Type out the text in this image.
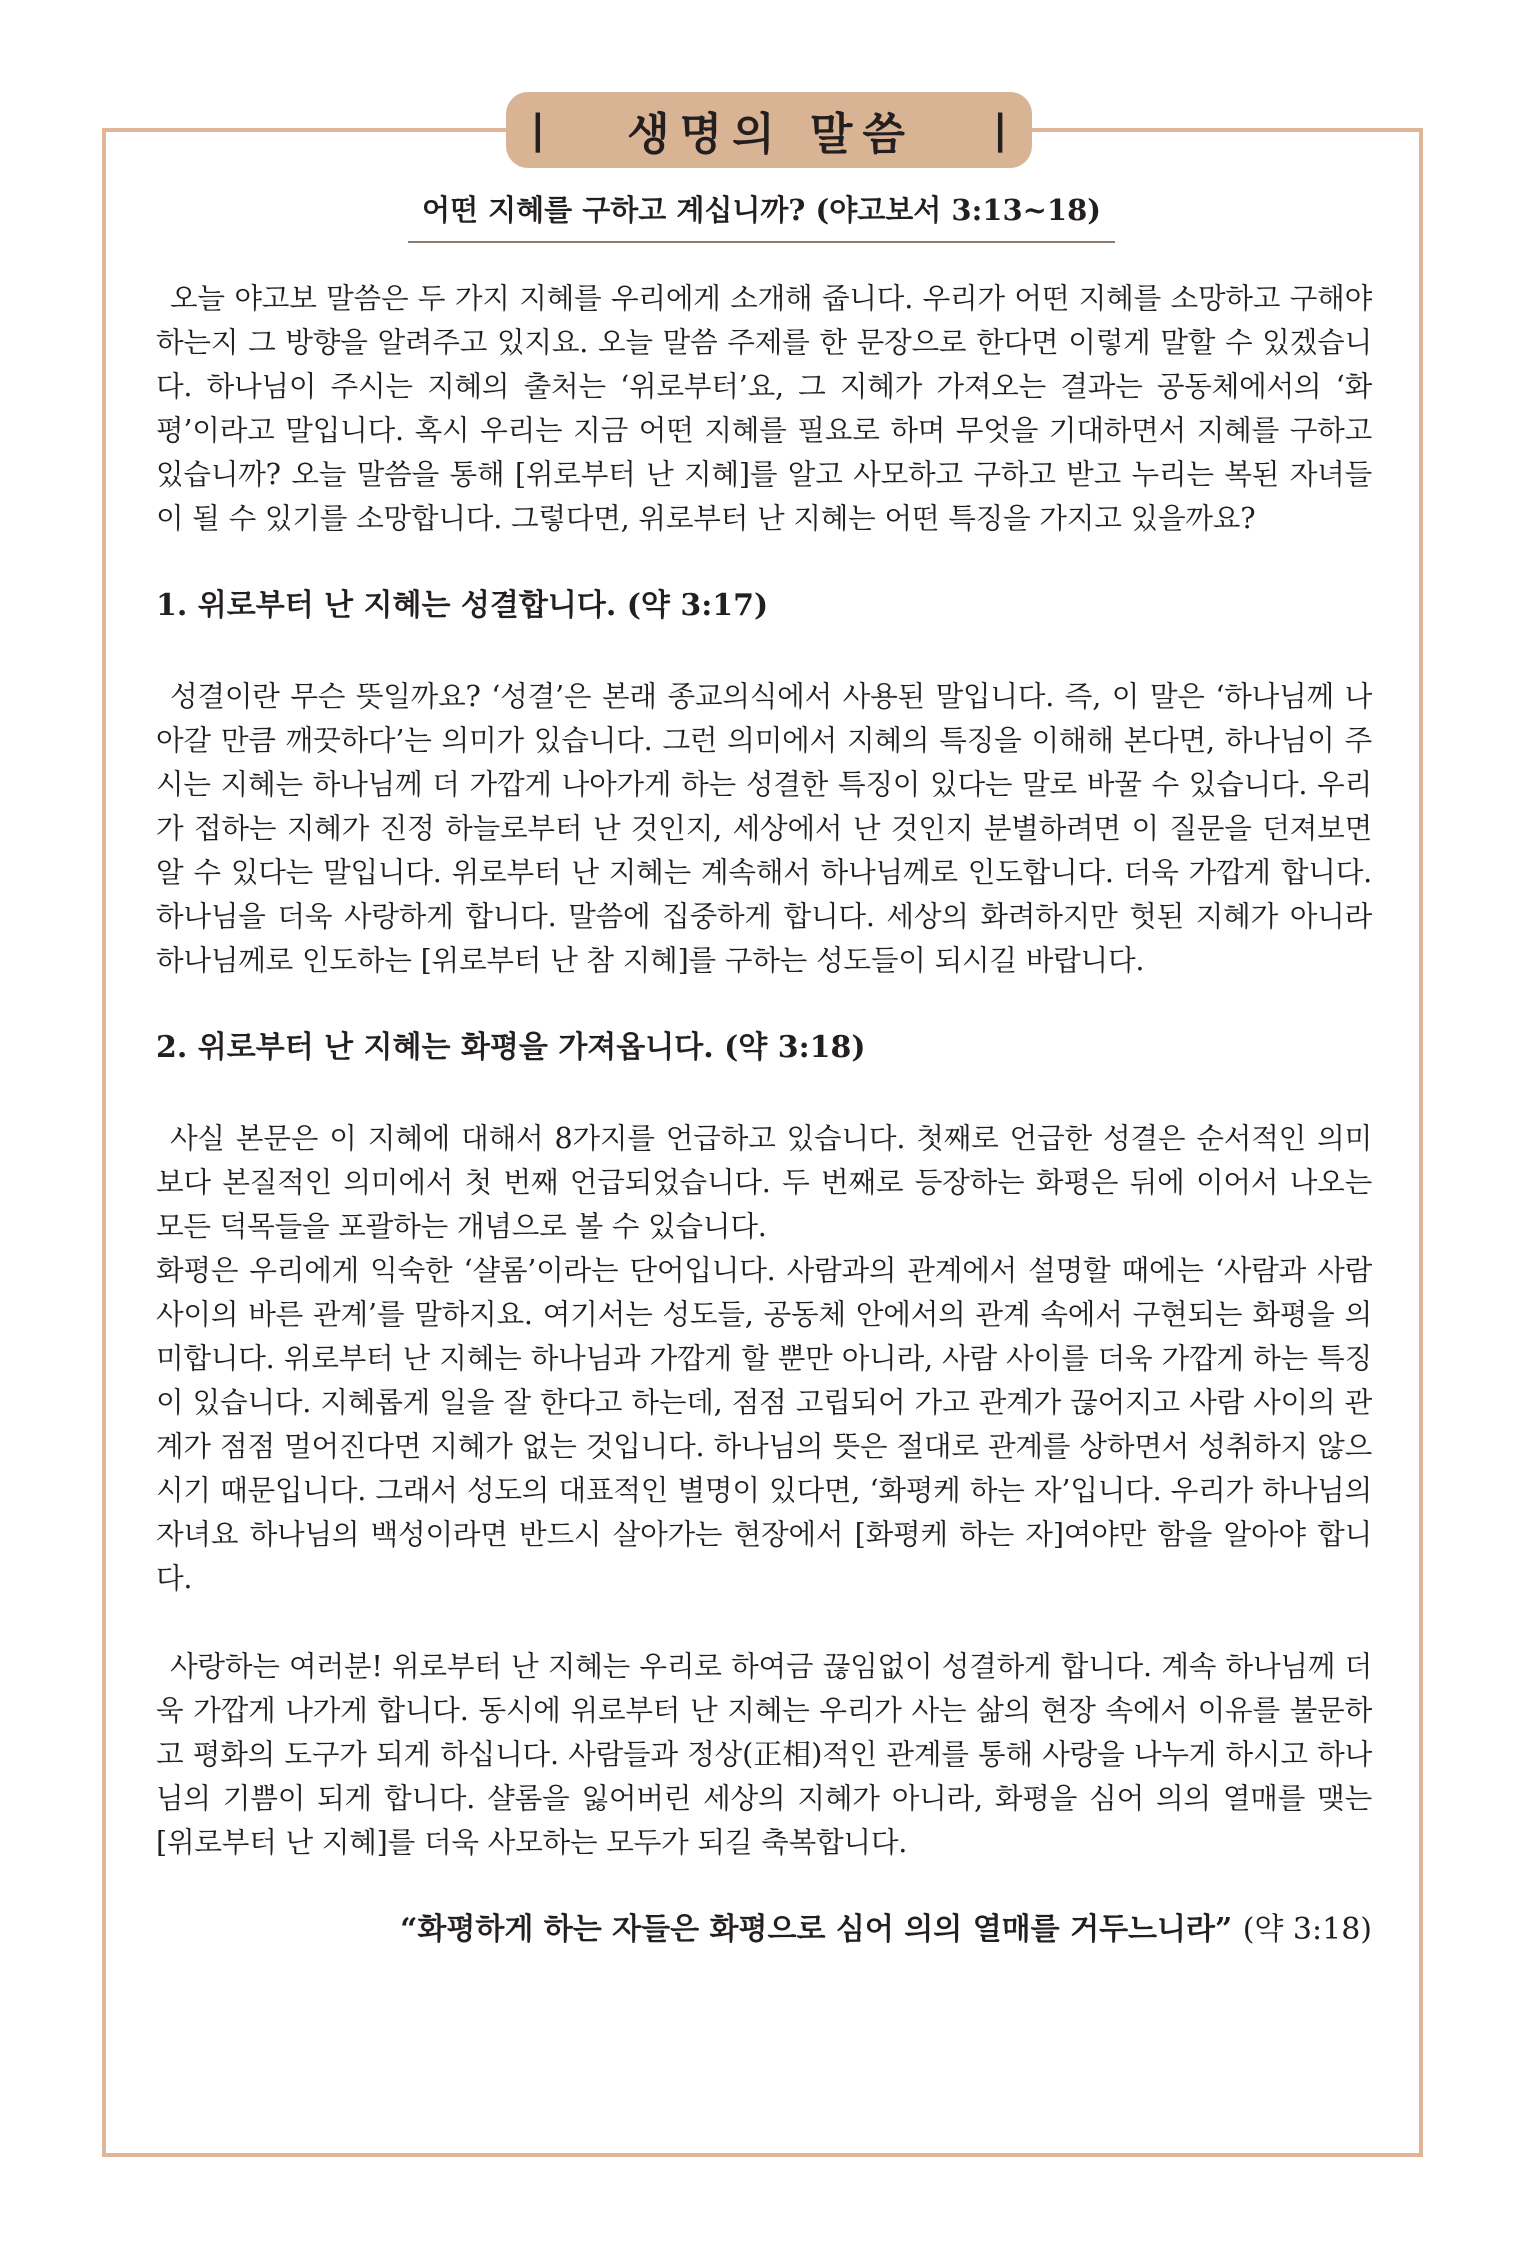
| 생명의 말씀 |
어떤 지혜를 구하고 계십니까? (야고보서 3:13~18)

오늘 야고보 말씀은 두 가지 지혜를 우리에게 소개해 줍니다. 우리가 어떤 지혜를 소망하고 구해야 하는지 그 방향을 알려주고 있지요. 오늘 말씀 주제를 한 문장으로 한다면 이렇게 말할 수 있겠습니다. 하나님이 주시는 지혜의 출처는 ‘위로부터’요, 그 지혜가 가져오는 결과는 공동체에서의 ‘화평’이라고 말입니다. 혹시 우리는 지금 어떤 지혜를 필요로 하며 무엇을 기대하면서 지혜를 구하고 있습니까? 오늘 말씀을 통해 [위로부터 난 지혜]를 알고 사모하고 구하고 받고 누리는 복된 자녀들이 될 수 있기를 소망합니다. 그렇다면, 위로부터 난 지혜는 어떤 특징을 가지고 있을까요?

1. 위로부터 난 지혜는 성결합니다. (약 3:17)

성결이란 무슨 뜻일까요? ‘성결’은 본래 종교의식에서 사용된 말입니다. 즉, 이 말은 ‘하나님께 나아갈 만큼 깨끗하다’는 의미가 있습니다. 그런 의미에서 지혜의 특징을 이해해 본다면, 하나님이 주시는 지혜는 하나님께 더 가깝게 나아가게 하는 성결한 특징이 있다는 말로 바꿀 수 있습니다. 우리가 접하는 지혜가 진정 하늘로부터 난 것인지, 세상에서 난 것인지 분별하려면 이 질문을 던져보면 알 수 있다는 말입니다. 위로부터 난 지혜는 계속해서 하나님께로 인도합니다. 더욱 가깝게 합니다. 하나님을 더욱 사랑하게 합니다. 말씀에 집중하게 합니다. 세상의 화려하지만 헛된 지혜가 아니라 하나님께로 인도하는 [위로부터 난 참 지혜]를 구하는 성도들이 되시길 바랍니다.

2. 위로부터 난 지혜는 화평을 가져옵니다. (약 3:18)

사실 본문은 이 지혜에 대해서 8가지를 언급하고 있습니다. 첫째로 언급한 성결은 순서적인 의미보다 본질적인 의미에서 첫 번째 언급되었습니다. 두 번째로 등장하는 화평은 뒤에 이어서 나오는 모든 덕목들을 포괄하는 개념으로 볼 수 있습니다.

화평은 우리에게 익숙한 ‘샬롬’이라는 단어입니다. 사람과의 관계에서 설명할 때에는 ‘사람과 사람 사이의 바른 관계’를 말하지요. 여기서는 성도들, 공동체 안에서의 관계 속에서 구현되는 화평을 의미합니다. 위로부터 난 지혜는 하나님과 가깝게 할 뿐만 아니라, 사람 사이를 더욱 가깝게 하는 특징이 있습니다. 지혜롭게 일을 잘 한다고 하는데, 점점 고립되어 가고 관계가 끊어지고 사람 사이의 관계가 점점 멀어진다면 지혜가 없는 것입니다. 하나님의 뜻은 절대로 관계를 상하면서 성취하지 않으시기 때문입니다. 그래서 성도의 대표적인 별명이 있다면, ‘화평케 하는 자’입니다. 우리가 하나님의 자녀요 하나님의 백성이라면 반드시 살아가는 현장에서 [화평케 하는 자]여야만 함을 알아야 합니다.

사랑하는 여러분! 위로부터 난 지혜는 우리로 하여금 끊임없이 성결하게 합니다. 계속 하나님께 더욱 가깝게 나가게 합니다. 동시에 위로부터 난 지혜는 우리가 사는 삶의 현장 속에서 이유를 불문하고 평화의 도구가 되게 하십니다. 사람들과 정상(正相)적인 관계를 통해 사랑을 나누게 하시고 하나님의 기쁨이 되게 합니다. 샬롬을 잃어버린 세상의 지혜가 아니라, 화평을 심어 의의 열매를 맺는 [위로부터 난 지혜]를 더욱 사모하는 모두가 되길 축복합니다.

“화평하게 하는 자들은 화평으로 심어 의의 열매를 거두느니라” (약 3:18)
